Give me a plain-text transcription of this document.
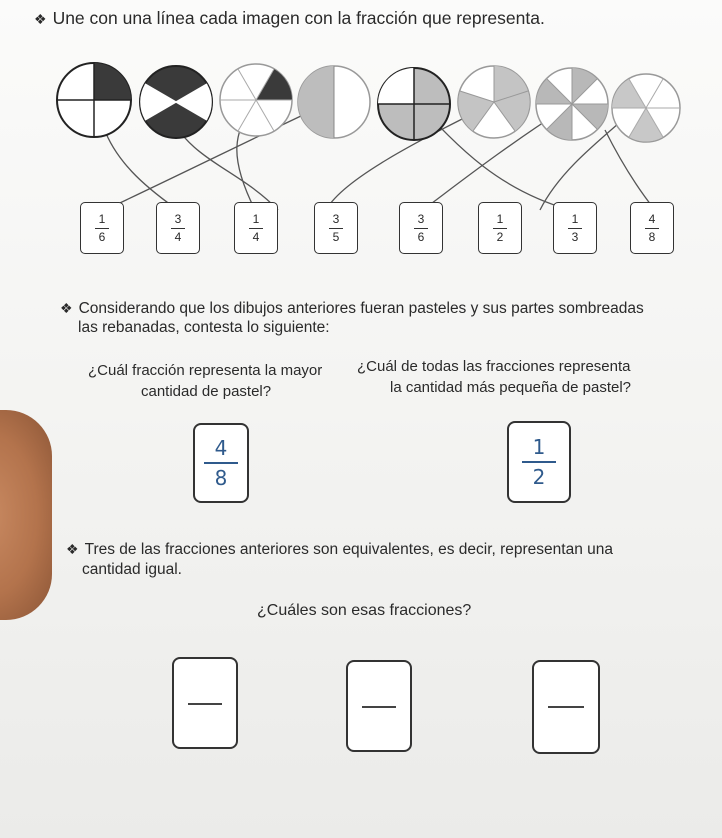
❖ Une con una línea cada imagen con la fracción que representa.
1
6
3
4
1
4
3
5
3
6
1
2
1
3
4
8
❖ Considerando que los dibujos anteriores fueran pasteles y sus partes sombreadas
las rebanadas, contesta lo siguiente:
¿Cuál fracción representa la mayor
cantidad de pastel?
¿Cuál de todas las fracciones representa
la cantidad más pequeña de pastel?
4
8
1
2
❖ Tres de las fracciones anteriores son equivalentes, es decir, representan una
cantidad igual.
¿Cuáles son esas fracciones?
